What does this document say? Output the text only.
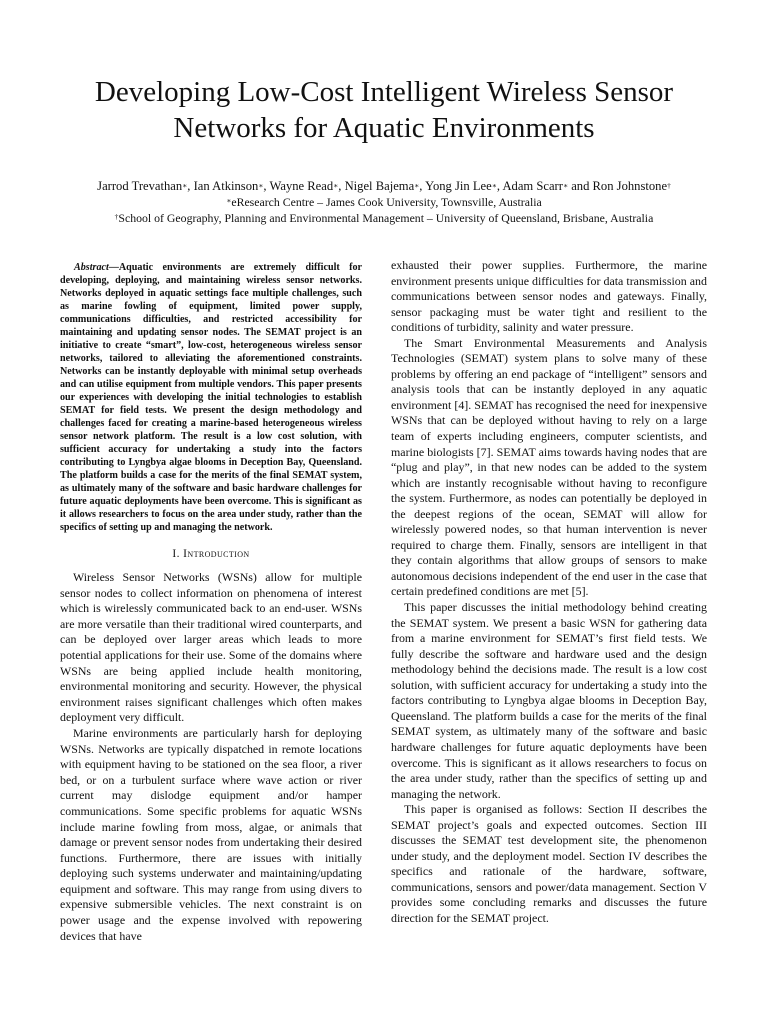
Developing Low-Cost Intelligent Wireless Sensor
Networks for Aquatic Environments
Jarrod Trevathan∗, Ian Atkinson∗, Wayne Read∗, Nigel Bajema∗, Yong Jin Lee∗, Adam Scarr∗ and Ron Johnstone†
∗eResearch Centre – James Cook University, Townsville, Australia
†School of Geography, Planning and Environmental Management – University of Queensland, Brisbane, Australia

Abstract—Aquatic environments are extremely difficult for developing, deploying, and maintaining wireless sensor networks. Networks deployed in aquatic settings face multiple challenges, such as marine fowling of equipment, limited power supply, communications difficulties, and restricted accessibility for maintaining and updating sensor nodes. The SEMAT project is an initiative to create “smart”, low-cost, heterogeneous wireless sensor networks, tailored to alleviating the aforementioned constraints. Networks can be instantly deployable with minimal setup overheads and can utilise equipment from multiple vendors. This paper presents our experiences with developing the initial technologies to establish SEMAT for field tests. We present the design methodology and challenges faced for creating a marine-based heterogeneous wireless sensor network platform. The result is a low cost solution, with sufficient accuracy for undertaking a study into the factors contributing to Lyngbya algae blooms in Deception Bay, Queensland. The platform builds a case for the merits of the final SEMAT system, as ultimately many of the software and basic hardware challenges for future aquatic deployments have been overcome. This is significant as it allows researchers to focus on the area under study, rather than the specifics of setting up and managing the network.

I. Introduction

Wireless Sensor Networks (WSNs) allow for multiple sensor nodes to collect information on phenomena of interest which is wirelessly communicated back to an end-user. WSNs are more versatile than their traditional wired counterparts, and can be deployed over larger areas which leads to more potential applications for their use. Some of the domains where WSNs are being applied include health monitoring, environmental monitoring and security. However, the physical environment raises significant challenges which often makes deployment very difficult.

Marine environments are particularly harsh for deploying WSNs. Networks are typically dispatched in remote locations with equipment having to be stationed on the sea floor, a river bed, or on a turbulent surface where wave action or river current may dislodge equipment and/or hamper communications. Some specific problems for aquatic WSNs include marine fowling from moss, algae, or animals that damage or prevent sensor nodes from undertaking their desired functions. Furthermore, there are issues with initially deploying such systems underwater and maintaining/updating equipment and software. This may range from using divers to expensive submersible vehicles. The next constraint is on power usage and the expense involved with repowering devices that have

exhausted their power supplies. Furthermore, the marine environment presents unique difficulties for data transmission and communications between sensor nodes and gateways. Finally, sensor packaging must be water tight and resilient to the conditions of turbidity, salinity and water pressure.

The Smart Environmental Measurements and Analysis Technologies (SEMAT) system plans to solve many of these problems by offering an end package of “intelligent” sensors and analysis tools that can be instantly deployed in any aquatic environment [4]. SEMAT has recognised the need for inexpensive WSNs that can be deployed without having to rely on a large team of experts including engineers, computer scientists, and marine biologists [7]. SEMAT aims towards having nodes that are “plug and play”, in that new nodes can be added to the system which are instantly recognisable without having to reconfigure the system. Furthermore, as nodes can potentially be deployed in the deepest regions of the ocean, SEMAT will allow for wirelessly powered nodes, so that human intervention is never required to charge them. Finally, sensors are intelligent in that they contain algorithms that allow groups of sensors to make autonomous decisions independent of the end user in the case that certain predefined conditions are met [5].

This paper discusses the initial methodology behind creating the SEMAT system. We present a basic WSN for gathering data from a marine environment for SEMAT’s first field tests. We fully describe the software and hardware used and the design methodology behind the decisions made. The result is a low cost solution, with sufficient accuracy for undertaking a study into the factors contributing to Lyngbya algae blooms in Deception Bay, Queensland. The platform builds a case for the merits of the final SEMAT system, as ultimately many of the software and basic hardware challenges for future aquatic deployments have been overcome. This is significant as it allows researchers to focus on the area under study, rather than the specifics of setting up and managing the network.

This paper is organised as follows: Section II describes the SEMAT project’s goals and expected outcomes. Section III discusses the SEMAT test development site, the phenomenon under study, and the deployment model. Section IV describes the specifics and rationale of the hardware, software, communications, sensors and power/data management. Section V provides some concluding remarks and discusses the future direction for the SEMAT project.
